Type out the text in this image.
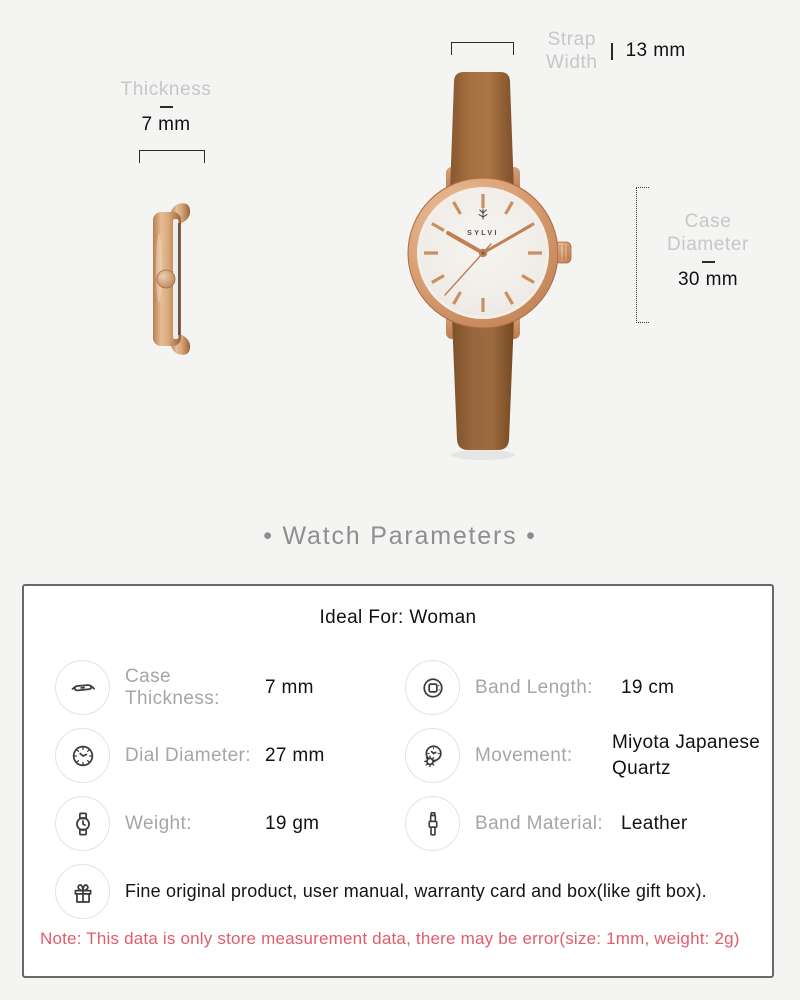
Thickness
7 mm
Strap
Width
13 mm
SYLVI
Case
Diameter
30 mm
• Watch Parameters •
Ideal For: Woman
Case Thickness:
7 mm	Band Length:	19 cm
Dial Diameter: 27 mm	Movement:
Miyota Japanese Quartz
Weight:	19 gm	Band Material: Leather
Fine original product, user manual, warranty card and box(like gift box).
Note: This data is only store measurement data, there may be error(size: 1mm, weight: 2g)
